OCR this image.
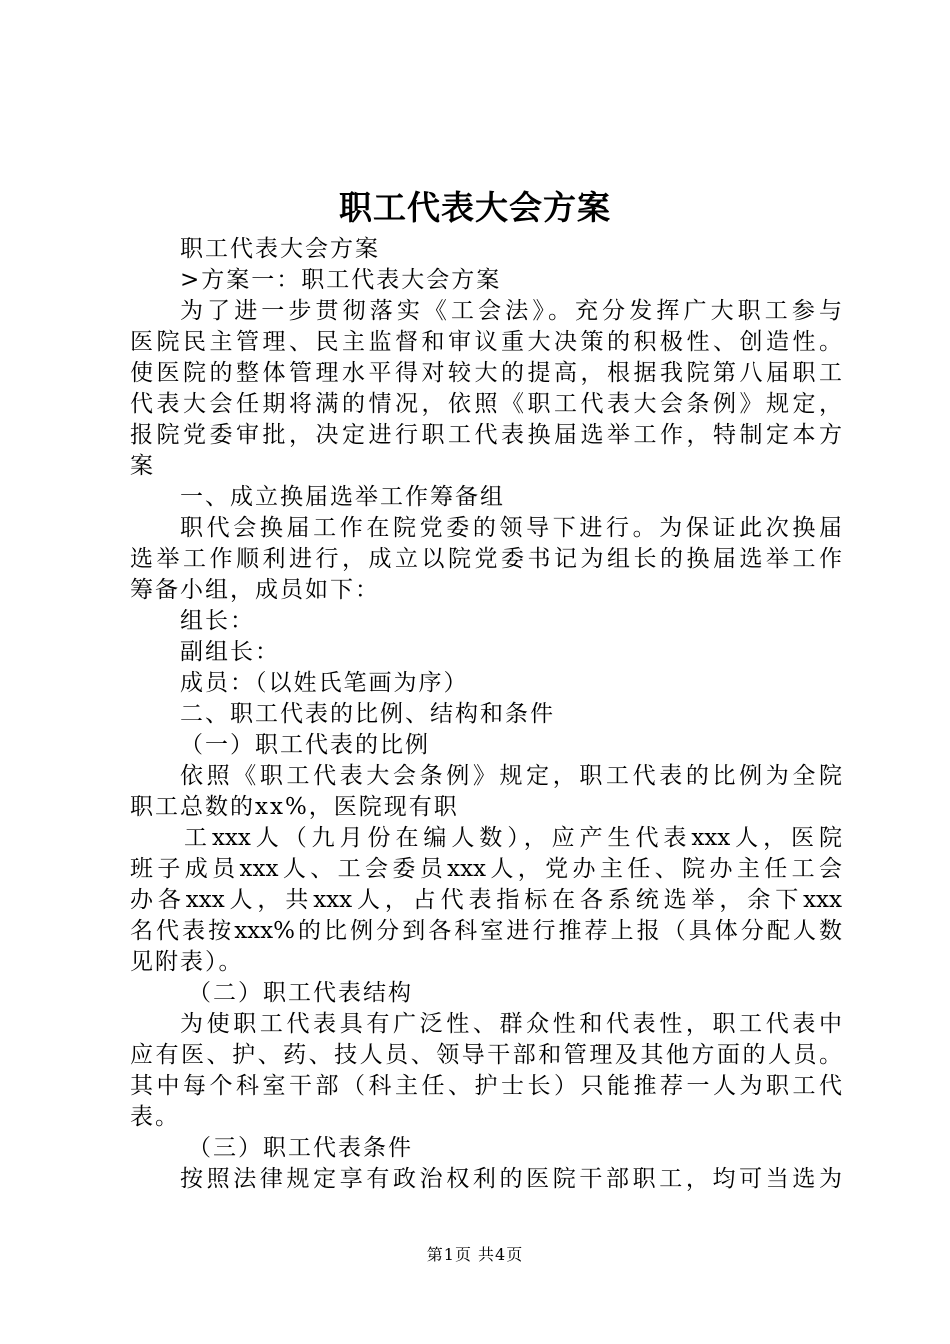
职工代表大会方案
职工代表大会方案
>方案一：职工代表大会方案
为了进一步贯彻落实《工会法》。充分发挥广大职工参与
医院民主管理、民主监督和审议重大决策的积极性、创造性。
使医院的整体管理水平得对较大的提高，根据我院第八届职工
代表大会任期将满的情况，依照《职工代表大会条例》规定，
报院党委审批，决定进行职工代表换届选举工作，特制定本方
案
一、成立换届选举工作筹备组
职代会换届工作在院党委的领导下进行。为保证此次换届
选举工作顺利进行，成立以院党委书记为组长的换届选举工作
筹备小组，成员如下：
组长：
副组长：
成员：（以姓氏笔画为序）
二、职工代表的比例、结构和条件
（一）职工代表的比例
依照《职工代表大会条例》规定，职工代表的比例为全院
职工总数的xx%，医院现有职
工xxx人（九月份在编人数），应产生代表xxx人，医院
班子成员xxx人、工会委员xxx人，党办主任、院办主任工会
办各xxx人，共xxx人，占代表指标在各系统选举，余下xxx
名代表按xxx%的比例分到各科室进行推荐上报（具体分配人数
见附表）。
（二）职工代表结构
为使职工代表具有广泛性、群众性和代表性，职工代表中
应有医、护、药、技人员、领导干部和管理及其他方面的人员。
其中每个科室干部（科主任、护士长）只能推荐一人为职工代
表。
（三）职工代表条件
按照法律规定享有政治权利的医院干部职工，均可当选为
第1页 共4页
